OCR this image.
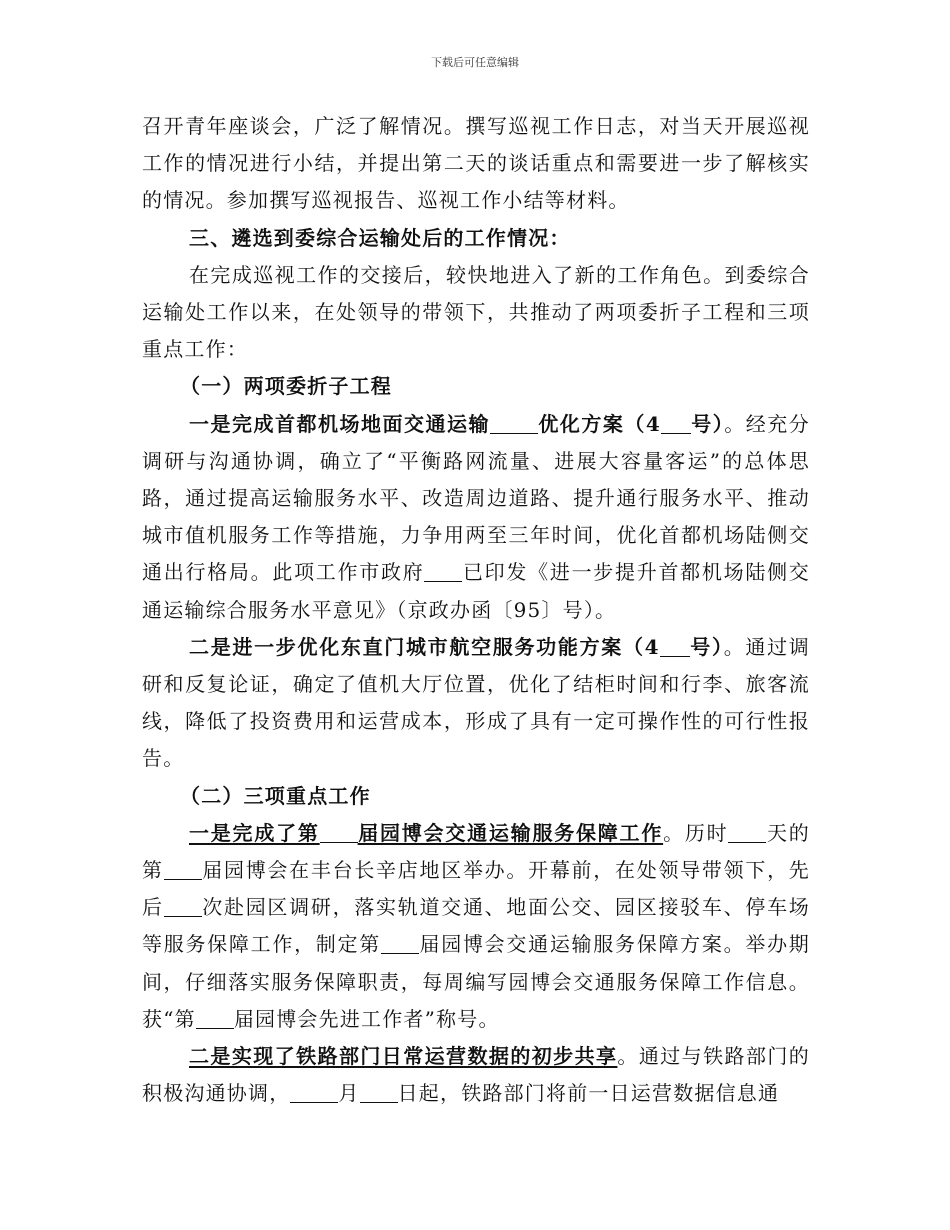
下载后可任意编辑

召开青年座谈会，广泛了解情况。撰写巡视工作日志，对当天开展巡视工作的情况进行小结，并提出第二天的谈话重点和需要进一步了解核实的情况。参加撰写巡视报告、巡视工作小结等材料。

三、遴选到委综合运输处后的工作情况：

在完成巡视工作的交接后，较快地进入了新的工作角色。到委综合运输处工作以来，在处领导的带领下，共推动了两项委折子工程和三项重点工作：

（一）两项委折子工程

一是完成首都机场地面交通运输 优化方案（4 号）。经充分调研与沟通协调，确立了“平衡路网流量、进展大容量客运”的总体思路，通过提高运输服务水平、改造周边道路、提升通行服务水平、推动城市值机服务工作等措施，力争用两至三年时间，优化首都机场陆侧交通出行格局。此项工作市政府 已印发《进一步提升首都机场陆侧交通运输综合服务水平意见》（京政办函〔95〕号）。

二是进一步优化东直门城市航空服务功能方案（4 号）。通过调研和反复论证，确定了值机大厅位置，优化了结柜时间和行李、旅客流线，降低了投资费用和运营成本，形成了具有一定可操作性的可行性报告。

（二）三项重点工作

一是完成了第 届园博会交通运输服务保障工作。历时 天的第 届园博会在丰台长辛店地区举办。开幕前，在处领导带领下，先后 次赴园区调研，落实轨道交通、地面公交、园区接驳车、停车场等服务保障工作，制定第 届园博会交通运输服务保障方案。举办期间，仔细落实服务保障职责，每周编写园博会交通服务保障工作信息。获“第 届园博会先进工作者”称号。

二是实现了铁路部门日常运营数据的初步共享。通过与铁路部门的积极沟通协调， 月 日起，铁路部门将前一日运营数据信息通
